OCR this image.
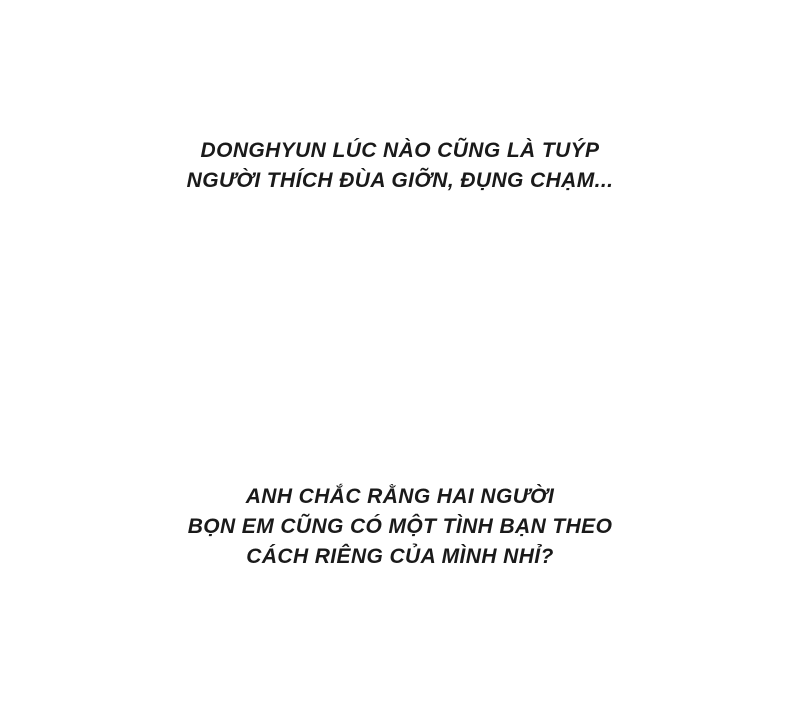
DONGHYUN LÚC NÀO CŨNG LÀ TUÝP
NGƯỜI THÍCH ĐÙA GIỠN, ĐỤNG CHẠM...
ANH CHẮC RẰNG HAI NGƯỜI
BỌN EM CŨNG CÓ MỘT TÌNH BẠN THEO
CÁCH RIÊNG CỦA MÌNH NHỈ?
